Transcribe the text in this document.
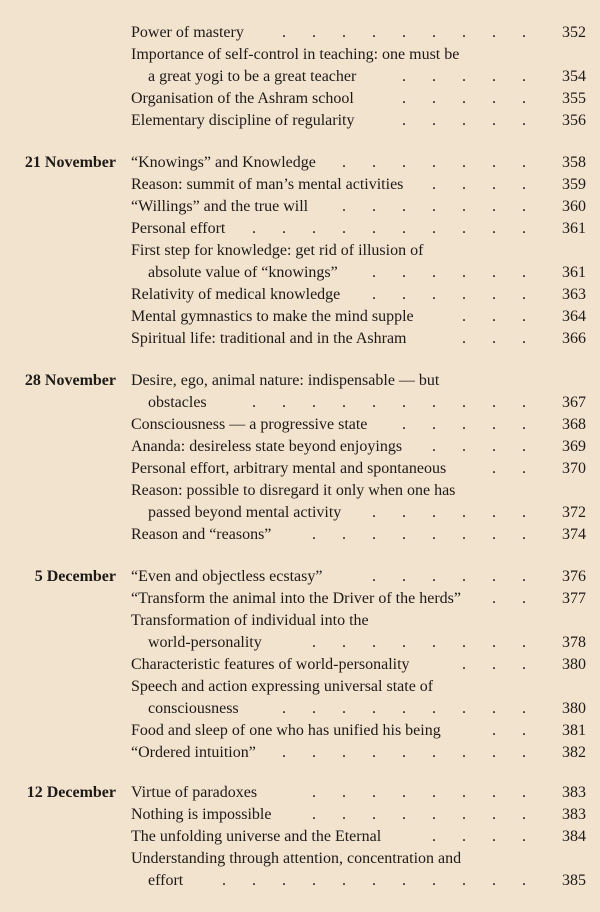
Power of mastery . . . . . . . . .	352
Importance of self-control in teaching: one must be
a great yogi to be a great teacher	. . . . .	354
Organisation of the Ashram school	. . . . .	355
Elementary discipline of regularity	. . . . .	356
21 November “Knowings” and Knowledge . . . . . . .	358
Reason: summit of man’s mental activities . . . .	359
“Willings” and the true will . . . . . . .	360
Personal effort . . . . . . . . . .	361
First step for knowledge: get rid of illusion of
absolute value of “knowings” . . . . . .	361
Relativity of medical knowledge . . . . . .	363
Mental gymnastics to make the mind supple	. . .	364
Spiritual life: traditional and in the Ashram	. . .	366
28 November Desire, ego, animal nature: indispensable — but
obstacles	. . . . . . . . . .	367
Consciousness — a progressive state . . . . .	368
Ananda: desireless state beyond enjoyings . . . .	369
Personal effort, arbitrary mental and spontaneous	. .	370
Reason: possible to disregard it only when one has
passed beyond mental activity . . . . . .	372
Reason and “reasons”	. . . . . . . .	374
5 December “Even and objectless ecstasy”	. . . . . .	376
“Transform the animal into the Driver of the herds” . .	377
Transformation of individual into the
world-personality	. . . . . . . .	378
Characteristic features of world-personality	. . .	380
Speech and action expressing universal state of
consciousness	. . . . . . . . .	380
Food and sleep of one who has unified his being	. .	381
“Ordered intuition” . . . . . . . . .	382
12 December Virtue of paradoxes	. . . . . . . .	383
Nothing is impossible	. . . . . . . .	383
The unfolding universe and the Eternal	. . . .	384
Understanding through attention, concentration and
effort . . . . . . . . . . .	385
